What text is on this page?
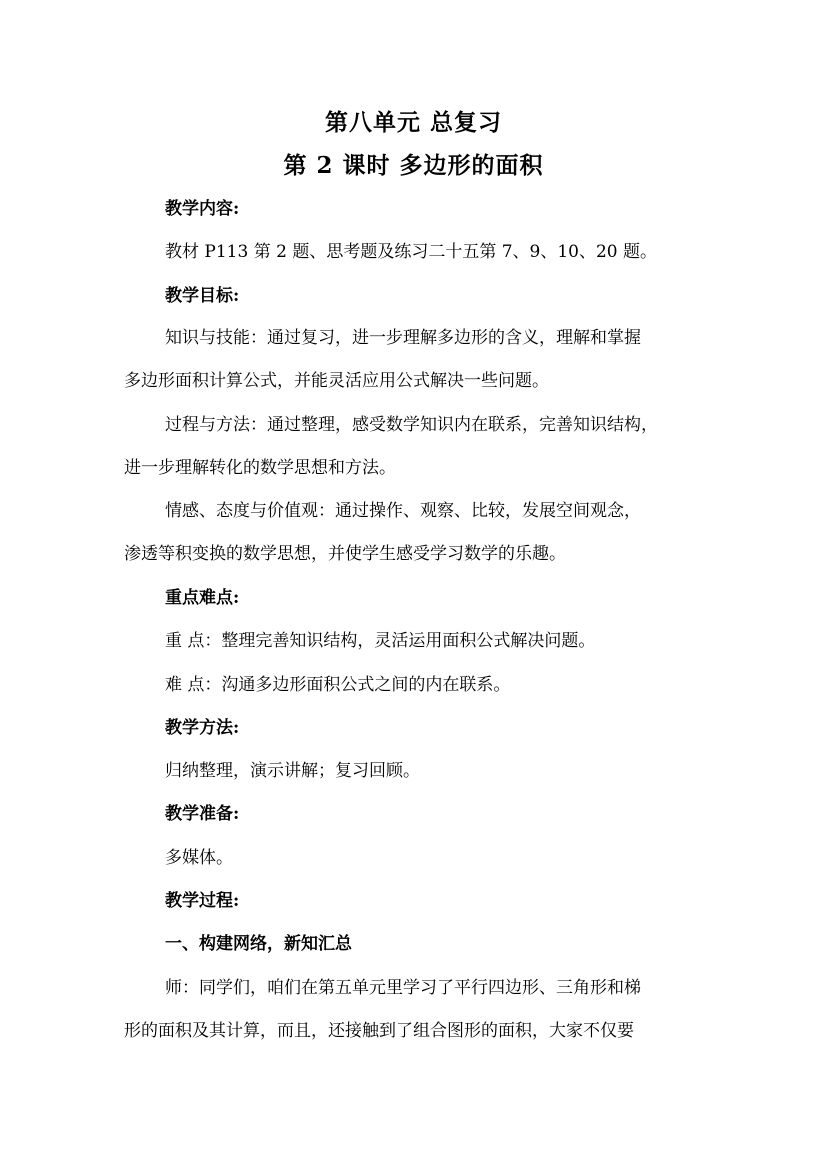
第八单元 总复习
第 2 课时 多边形的面积
教学内容:
教材 P113 第 2 题、思考题及练习二十五第 7、9、10、20 题。
教学目标:
知识与技能：通过复习，进一步理解多边形的含义，理解和掌握
多边形面积计算公式，并能灵活应用公式解决一些问题。
过程与方法：通过整理，感受数学知识内在联系，完善知识结构，
进一步理解转化的数学思想和方法。
情感、态度与价值观：通过操作、观察、比较，发展空间观念，
渗透等积变换的数学思想，并使学生感受学习数学的乐趣。
重点难点:
重 点：整理完善知识结构，灵活运用面积公式解决问题。
难 点：沟通多边形面积公式之间的内在联系。
教学方法:
归纳整理，演示讲解；复习回顾。
教学准备:
多媒体。
教学过程:
一、构建网络，新知汇总
师：同学们，咱们在第五单元里学习了平行四边形、三角形和梯
形的面积及其计算，而且，还接触到了组合图形的面积，大家不仅要
